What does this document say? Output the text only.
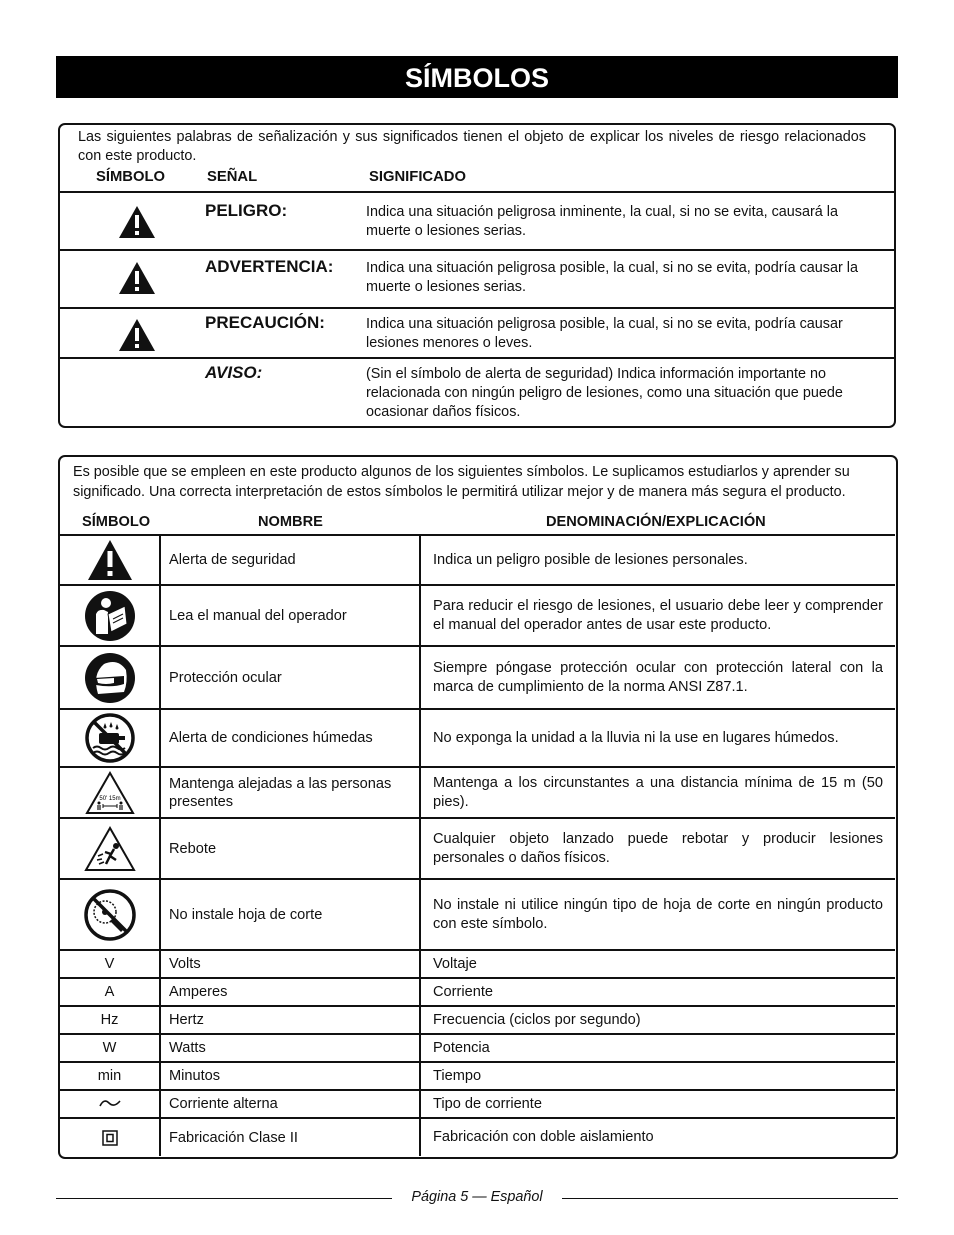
SÍMBOLOS
Las siguientes palabras de señalización y sus significados tienen el objeto de explicar los niveles de riesgo relacionados con este producto.
SÍMBOLO	SEÑAL	SIGNIFICADO
PELIGRO:	Indica una situación peligrosa inminente, la cual, si no se evita, causará la muerte o lesiones serias.
ADVERTENCIA: Indica una situación peligrosa posible, la cual, si no se evita, podría causar la muerte o lesiones serias.
PRECAUCIÓN:	Indica una situación peligrosa posible, la cual, si no se evita, podría causar lesiones menores o leves.
AVISO:	(Sin el símbolo de alerta de seguridad) Indica información importante no relacionada con ningún peligro de lesiones, como una situación que puede ocasionar daños físicos.
Es posible que se empleen en este producto algunos de los siguientes símbolos. Le suplicamos estudiarlos y aprender su significado. Una correcta interpretación de estos símbolos le permitirá utilizar mejor y de manera más segura el producto.
SÍMBOLO	NOMBRE	DENOMINACIÓN/EXPLICACIÓN
	Alerta de seguridad	Indica un peligro posible de lesiones personales.

	Lea el manual del operador	Para reducir el riesgo de lesiones, el usuario debe leer y comprender el manual del operador antes de usar este producto.

	Protección ocular	Siempre póngase protección ocular con protección lateral con la marca de cumplimiento de la norma ANSI Z87.1.

	Alerta de condiciones húmedas	No exponga la unidad a la lluvia ni la use en lugares húmedos.

50' 15m	Mantenga alejadas a las personas presentes	Mantenga a los circunstantes a una distancia mínima de 15 m (50 pies).

	Rebote	Cualquier objeto lanzado puede rebotar y producir lesiones personales o daños físicos.

	No instale hoja de corte	No instale ni utilice ningún tipo de hoja de corte en ningún producto con este símbolo.
V	Volts	Voltaje
A	Amperes	Corriente
Hz	Hertz	Frecuencia (ciclos por segundo)
W	Watts	Potencia
min	Minutos	Tiempo

	Corriente alterna	Tipo de corriente

	Fabricación Clase II	Fabricación con doble aislamiento
Página 5 — Español
